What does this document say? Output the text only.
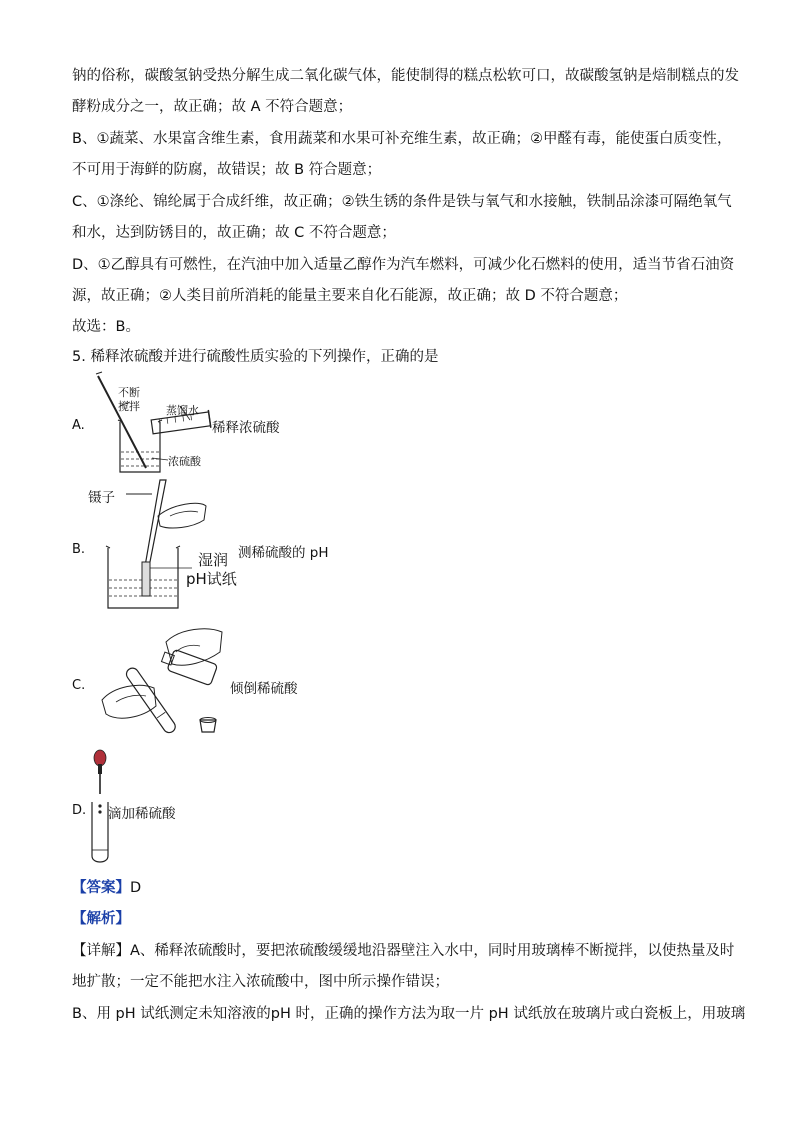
钠的俗称，碳酸氢钠受热分解生成二氧化碳气体，能使制得的糕点松软可口，故碳酸氢钠是焙制糕点的发
酵粉成分之一，故正确；故 A 不符合题意；
B、①蔬菜、水果富含维生素，食用蔬菜和水果可补充维生素，故正确；②甲醛有毒，能使蛋白质变性，
不可用于海鲜的防腐，故错误；故 B 符合题意；
C、①涤纶、锦纶属于合成纤维，故正确；②铁生锈的条件是铁与氧气和水接触，铁制品涂漆可隔绝氧气
和水，达到防锈目的，故正确；故 C 不符合题意；
D、①乙醇具有可燃性，在汽油中加入适量乙醇作为汽车燃料，可减少化石燃料的使用，适当节省石油资
源，故正确；②人类目前所消耗的能量主要来自化石能源，故正确；故 D 不符合题意；
故选：B。
5. 稀释浓硫酸并进行硫酸性质实验的下列操作，正确的是
A.
不断
搅拌 蒸馏水
浓硫酸
稀释浓硫酸
镊子
B.
湿润
pH试纸
测稀硫酸的 pH
C.	倾倒稀硫酸
D. 滴加稀硫酸
【答案】D
【解析】
【详解】A、稀释浓硫酸时，要把浓硫酸缓缓地沿器壁注入水中，同时用玻璃棒不断搅拌，以使热量及时
地扩散；一定不能把水注入浓硫酸中，图中所示操作错误；
B、用 pH 试纸测定未知溶液的pH 时，正确的操作方法为取一片 pH 试纸放在玻璃片或白瓷板上，用玻璃
